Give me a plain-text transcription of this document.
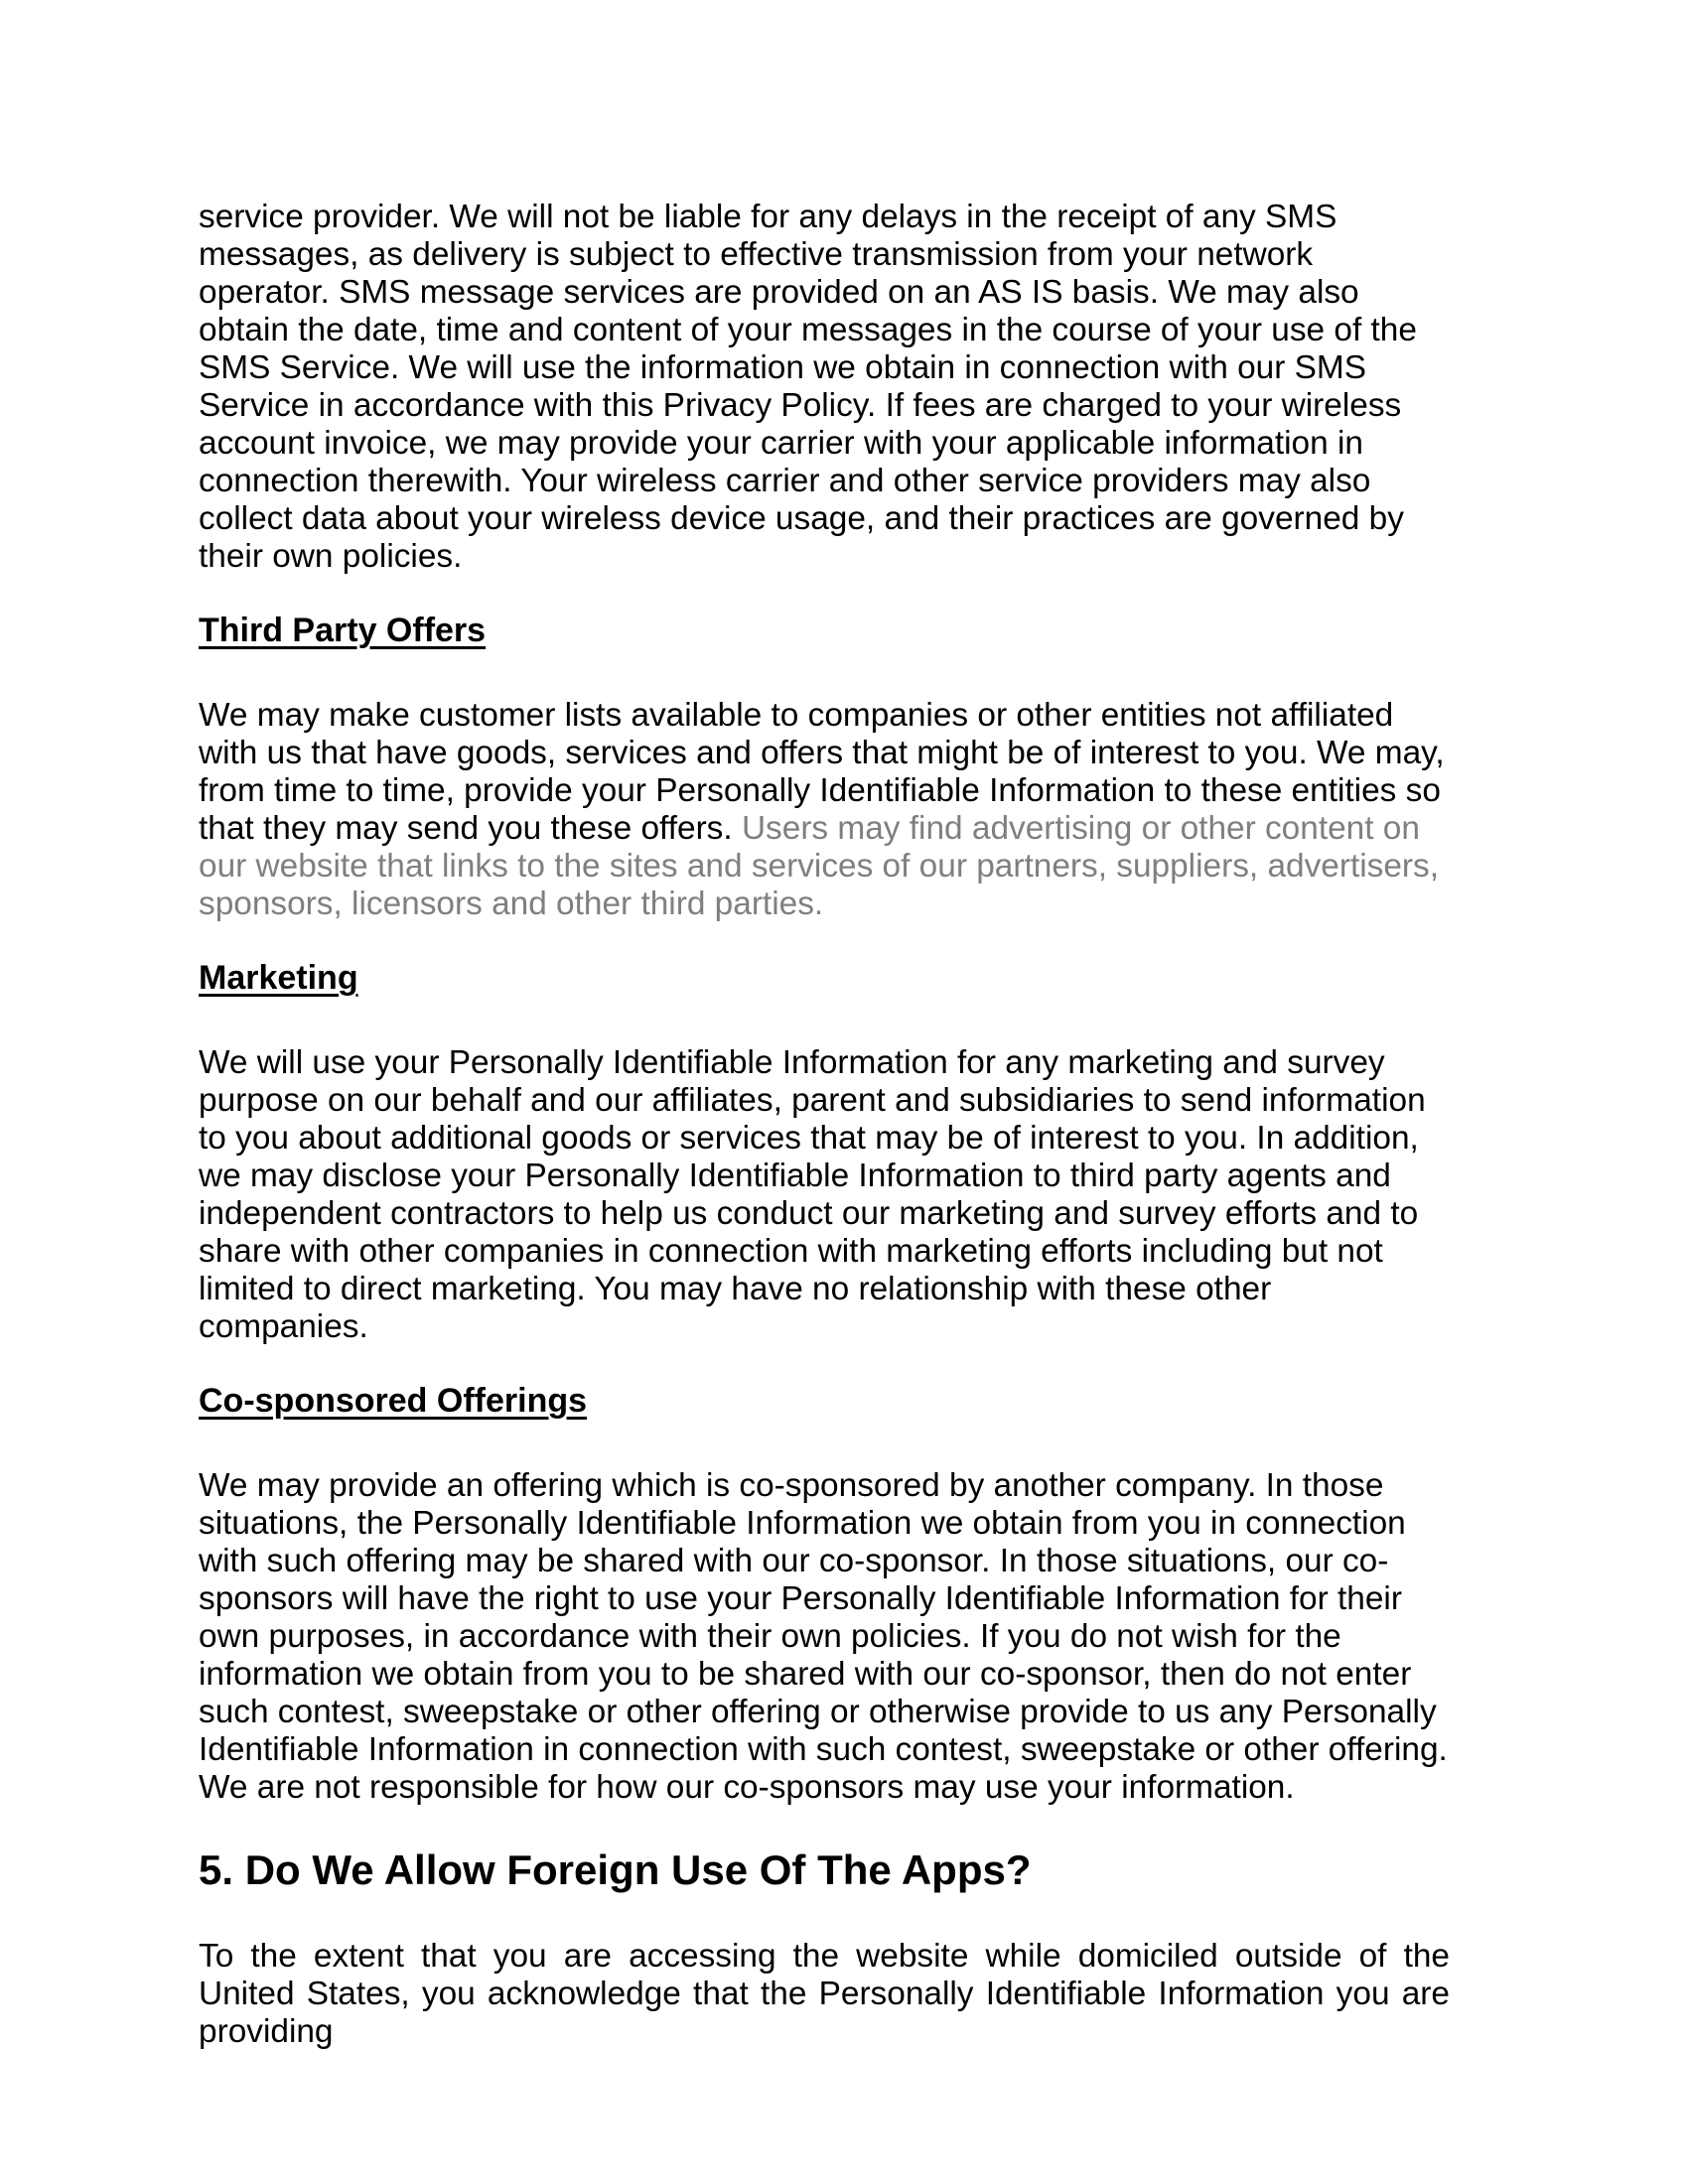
service provider. We will not be liable for any delays in the receipt of any SMS messages, as delivery is subject to effective transmission from your network operator. SMS message services are provided on an AS IS basis. We may also obtain the date, time and content of your messages in the course of your use of the SMS Service. We will use the information we obtain in connection with our SMS Service in accordance with this Privacy Policy. If fees are charged to your wireless account invoice, we may provide your carrier with your applicable information in connection therewith. Your wireless carrier and other service providers may also collect data about your wireless device usage, and their practices are governed by their own policies.

Third Party Offers

We may make customer lists available to companies or other entities not affiliated with us that have goods, services and offers that might be of interest to you. We may, from time to time, provide your Personally Identifiable Information to these entities so that they may send you these offers. Users may find advertising or other content on our website that links to the sites and services of our partners, suppliers, advertisers, sponsors, licensors and other third parties.

Marketing

We will use your Personally Identifiable Information for any marketing and survey purpose on our behalf and our affiliates, parent and subsidiaries to send information to you about additional goods or services that may be of interest to you. In addition, we may disclose your Personally Identifiable Information to third party agents and independent contractors to help us conduct our marketing and survey efforts and to share with other companies in connection with marketing efforts including but not limited to direct marketing. You may have no relationship with these other companies.

Co-sponsored Offerings

We may provide an offering which is co-sponsored by another company. In those situations, the Personally Identifiable Information we obtain from you in connection with such offering may be shared with our co-sponsor. In those situations, our co-sponsors will have the right to use your Personally Identifiable Information for their own purposes, in accordance with their own policies. If you do not wish for the information we obtain from you to be shared with our co-sponsor, then do not enter such contest, sweepstake or other offering or otherwise provide to us any Personally Identifiable Information in connection with such contest, sweepstake or other offering. We are not responsible for how our co-sponsors may use your information.

5. Do We Allow Foreign Use Of The Apps?

To the extent that you are accessing the website while domiciled outside of the United States, you acknowledge that the Personally Identifiable Information you are providing
